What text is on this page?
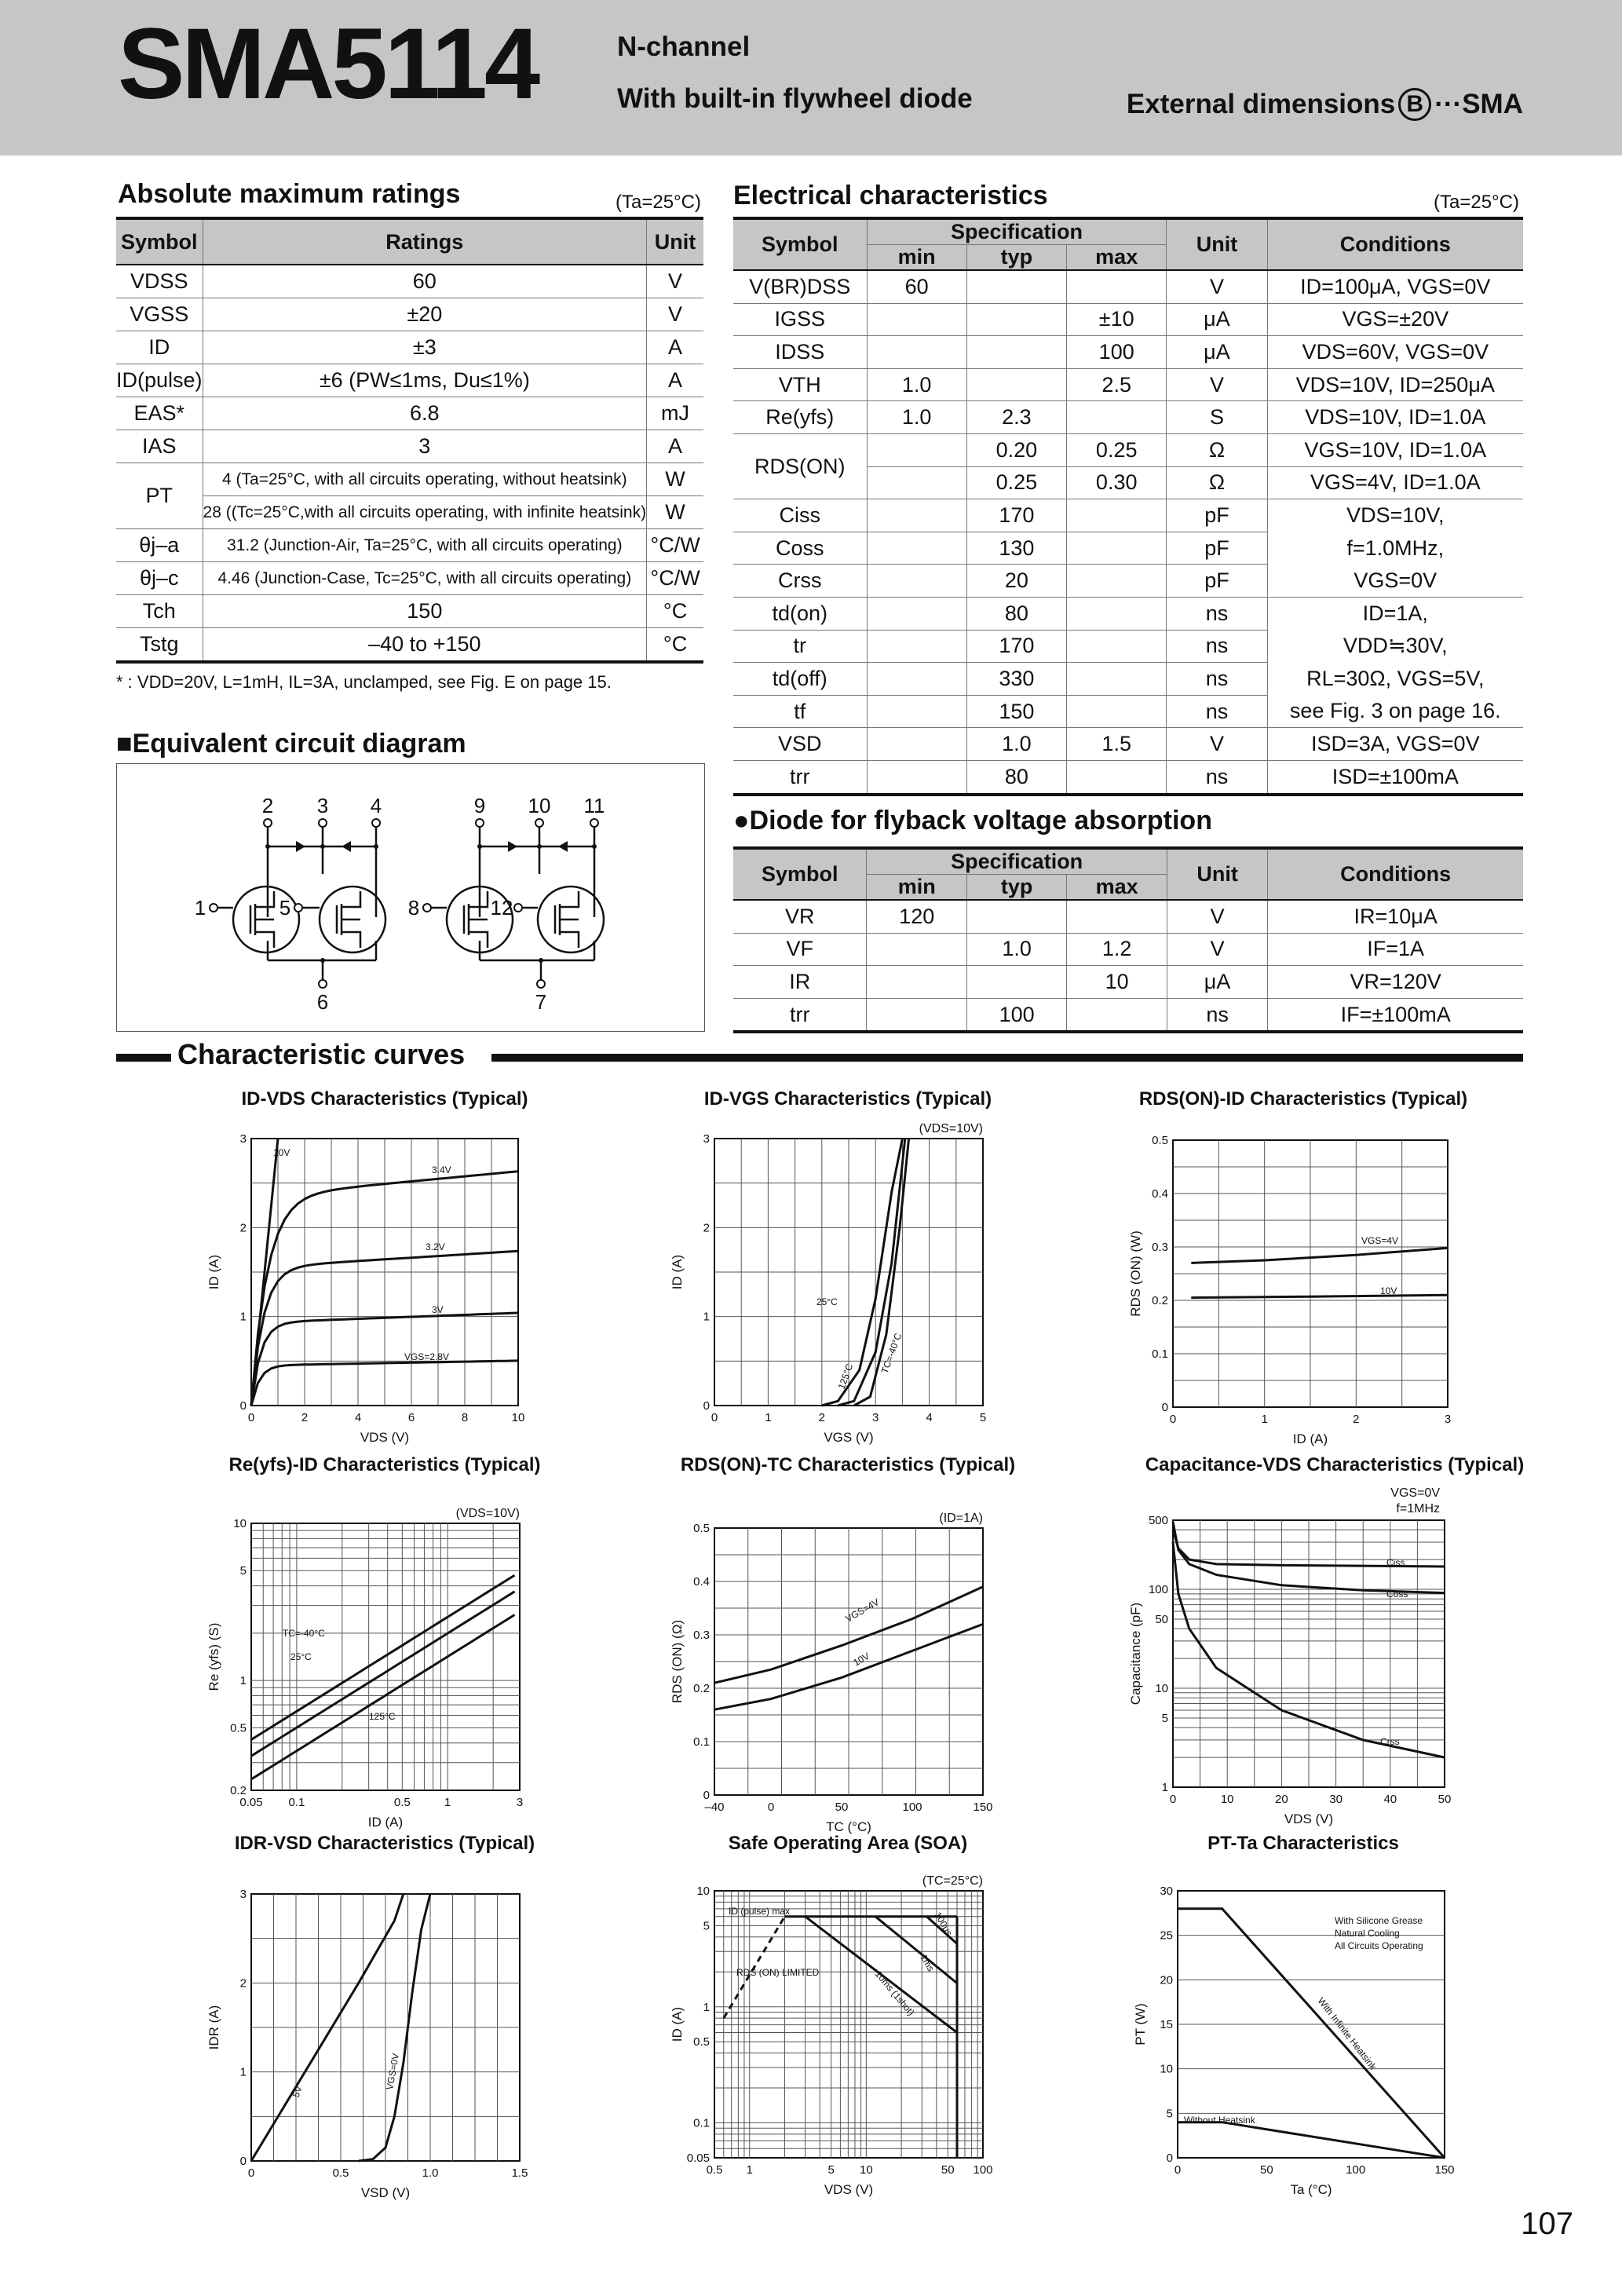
SMA5114	N-channel
With built-in flywheel diode	External dimensions B ···SMA
Absolute maximum ratings	(Ta=25°C)
Symbol	Ratings	Unit
VDSS	60	V
VGSS	±20	V
ID	±3	A
ID(pulse)	±6 (PW≤1ms, Du≤1%)	A
EAS*	6.8	mJ
IAS	3	A
PT	4 (Ta=25°C, with all circuits operating, without heatsink)	W
	28 ((Tc=25°C,with all circuits operating, with infinite heatsink)	W
θj–a	31.2 (Junction-Air, Ta=25°C, with all circuits operating)	°C/W
θj–c	4.46 (Junction-Case, Tc=25°C, with all circuits operating)	°C/W
Tch	150	°C
Tstg	–40 to +150	°C
* : VDD=20V, L=1mH, IL=3A, unclamped, see Fig. E on page 15.
Electrical characteristics	(Ta=25°C)
Symbol	Specification			Unit	Conditions
	min	typ	max		
V(BR)DSS	60			V	ID=100μA, VGS=0V
IGSS			±10	μA	VGS=±20V
IDSS			100	μA	VDS=60V, VGS=0V
VTH	1.0		2.5	V	VDS=10V, ID=250μA
Re(yfs)	1.0	2.3		S	VDS=10V, ID=1.0A
RDS(ON)		0.20	0.25	Ω	VGS=10V, ID=1.0A
		0.25	0.30	Ω	VGS=4V, ID=1.0A
Ciss		170		pF	VDS=10V,
Coss		130		pF	f=1.0MHz,
Crss		20		pF	VGS=0V
td(on)		80		ns	ID=1A,
tr		170		ns	VDD≒30V,
td(off)		330		ns	RL=30Ω, VGS=5V,
tf		150		ns	see Fig. 3 on page 16.
VSD		1.0	1.5	V	ISD=3A, VGS=0V
trr		80		ns	ISD=±100mA
●Diode for flyback voltage absorption
Symbol	Specification			Unit	Conditions
	min	typ	max		
VR	120			V	IR=10μA
VF		1.0	1.2	V	IF=1A
IR			10	μA	VR=120V
trr		100		ns	IF=±100mA
■Equivalent circuit diagram
2 3 4	9 10 11
1	5	8	12
6	7
Characteristic curves
ID-VDS Characteristics (Typical)	ID-VGS Characteristics (Typical)	RDS(ON)-ID Characteristics (Typical)
Re(yfs)-ID Characteristics (Typical)	RDS(ON)-TC Characteristics (Typical)	Capacitance-VDS Characteristics (Typical)
IDR-VSD Characteristics (Typical)	Safe Operating Area (SOA)	PT-Ta Characteristics
0	2	4	6	8	10
0
1
2
3
VDS (V)
ID (A)
10V
3.4V
3.2V
3V
VGS=2.8V
0	1	2	3	4	5
0
1
2
3
VGS (V)
ID (A)
(VDS=10V)
25°C
125°C
TC=-40°C
0	1	2	3
0
0.1
0.2
0.3
0.4
0.5
ID (A)
RDS (ON) (W)	VGS=4V
10V
0.05 0.1	0.5	1	3
0.2
0.5
1
5
10
ID (A)
Re (yfs) (S)
(VDS=10V)
TC=-40°C
25°C
125°C
–40	0	50	100	150
0
0.1
0.2
0.3
0.4
0.5
TC (°C)
RDS (ON) (Ω)
(ID=1A)
VGS=4V
10V
0	10	20	30	40	50
1
5
10
50
100
500
VDS (V)
Capacitance (pF)
VGS=0V
f=1MHz
Ciss
Coss
Crss
0	0.5	1.0	1.5
0
1
2
3
VSD (V)
IDR (A)
5V
VGS=0V
0.5 1	5 10	50 100
0.05
0.1
0.5
1
5
10
VDS (V)
ID (A)
(TC=25°C)
ID (pulse) max
RDS (ON) LIMITED
100μs
1ms
10ms (1shot)
0	50	100	150
0
5
10
15
20
25
30
Ta (°C)
PT (W)
With Silicone Grease
Natural Cooling
All Circuits Operating
With Infinite Heatsink
Without Heatsink
107
